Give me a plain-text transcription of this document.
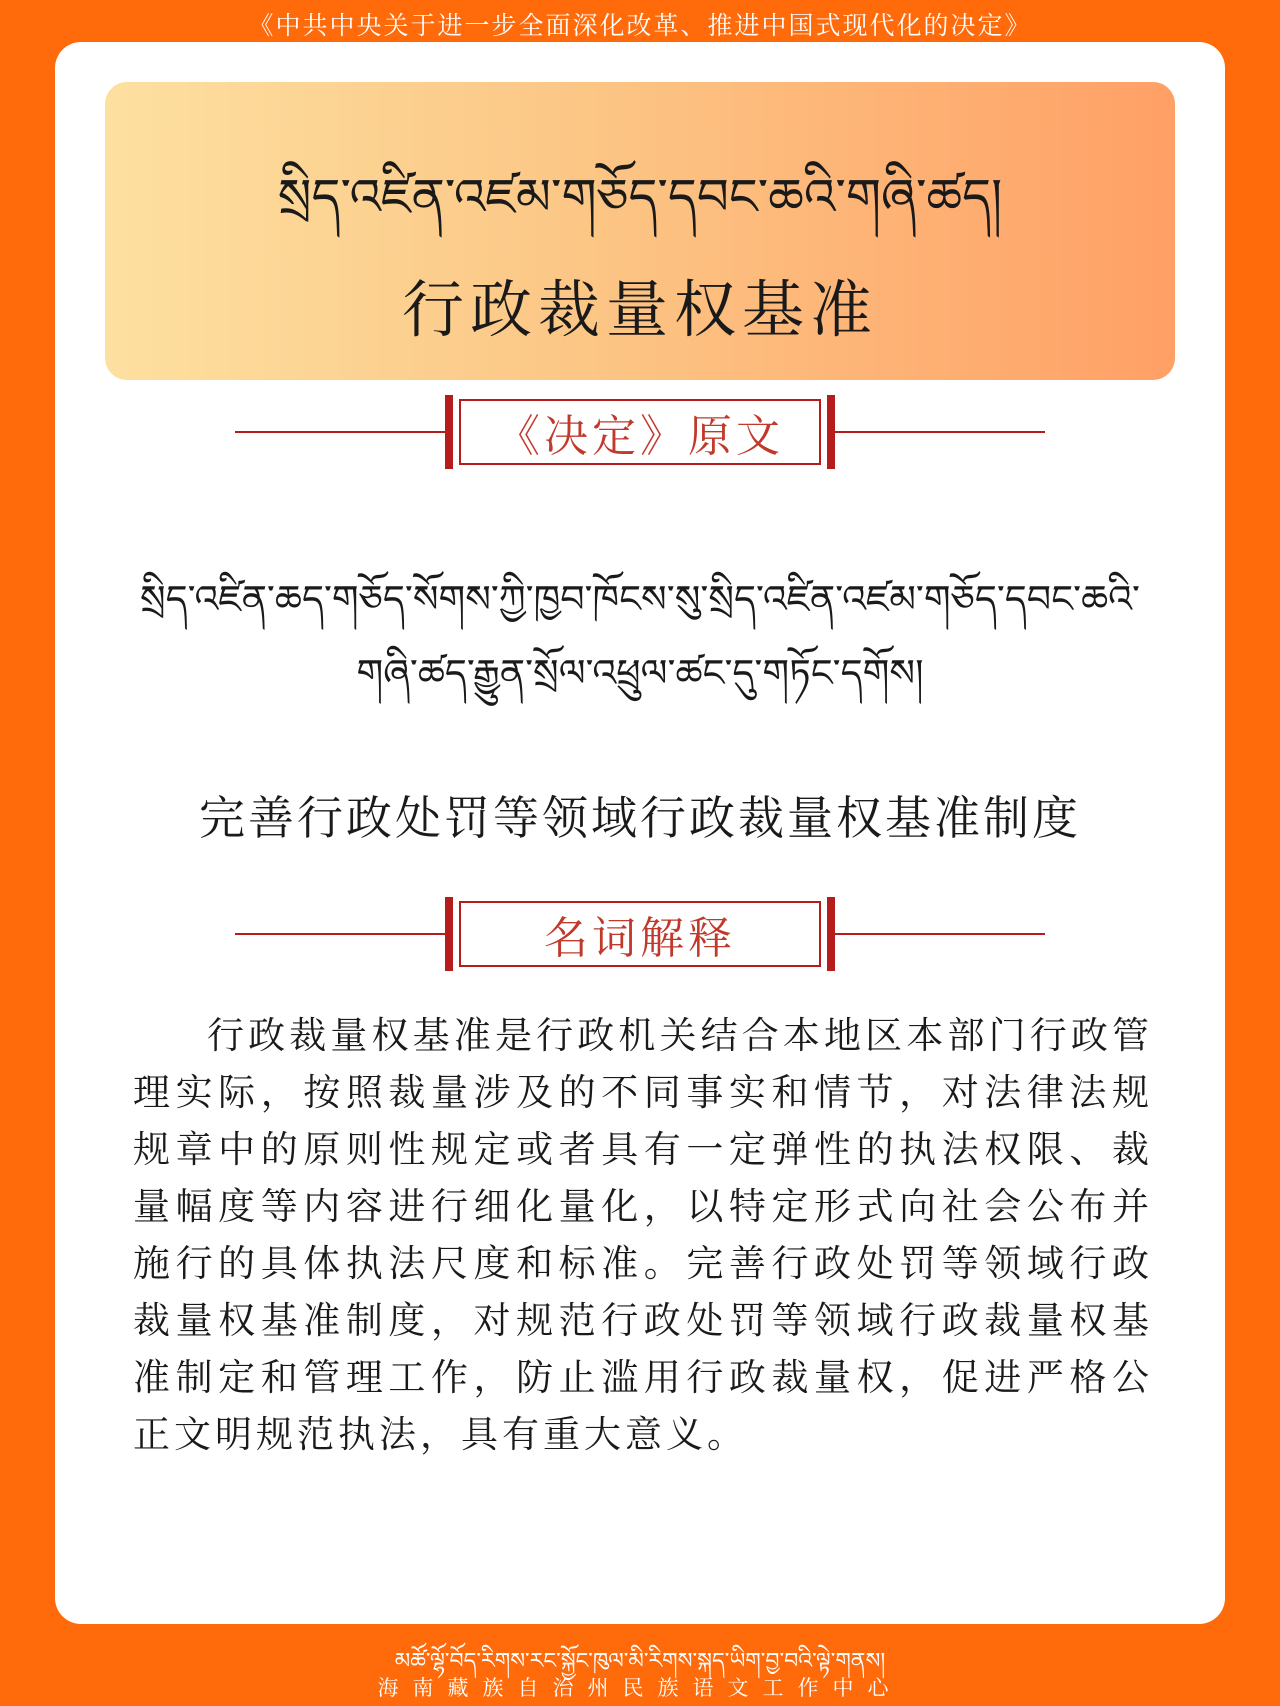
《中共中央关于进一步全面深化改革、推进中国式现代化的决定》
སྲིད་འཛིན་འཛམ་གཅོད་དབང་ཆའི་གཞི་ཚད།
行政裁量权基准
《决定》原文
སྲིད་འཛིན་ཆད་གཅོད་སོགས་ཀྱི་ཁྱབ་ཁོངས་སུ་སྲིད་འཛིན་འཛམ་གཅོད་དབང་ཆའི་གཞི་ཚད་རྒྱུན་སྲོལ་འཕྲུལ་ཚང་དུ་གཏོང་དགོས།
完善行政处罚等领域行政裁量权基准制度
名词解释
行政裁量权基准是行政机关结合本地区本部门行政管理实际，按照裁量涉及的不同事实和情节，对法律法规规章中的原则性规定或者具有一定弹性的执法权限、裁量幅度等内容进行细化量化，以特定形式向社会公布并施行的具体执法尺度和标准。完善行政处罚等领域行政裁量权基准制度，对规范行政处罚等领域行政裁量权基准制定和管理工作，防止滥用行政裁量权，促进严格公正文明规范执法，具有重大意义。
མཚོ་ལྷོ་བོད་རིགས་རང་སྐྱོང་ཁུལ་མི་རིགས་སྐད་ཡིག་བྱ་བའི་ལྟེ་གནས།
海南藏族自治州民族语文工作中心
